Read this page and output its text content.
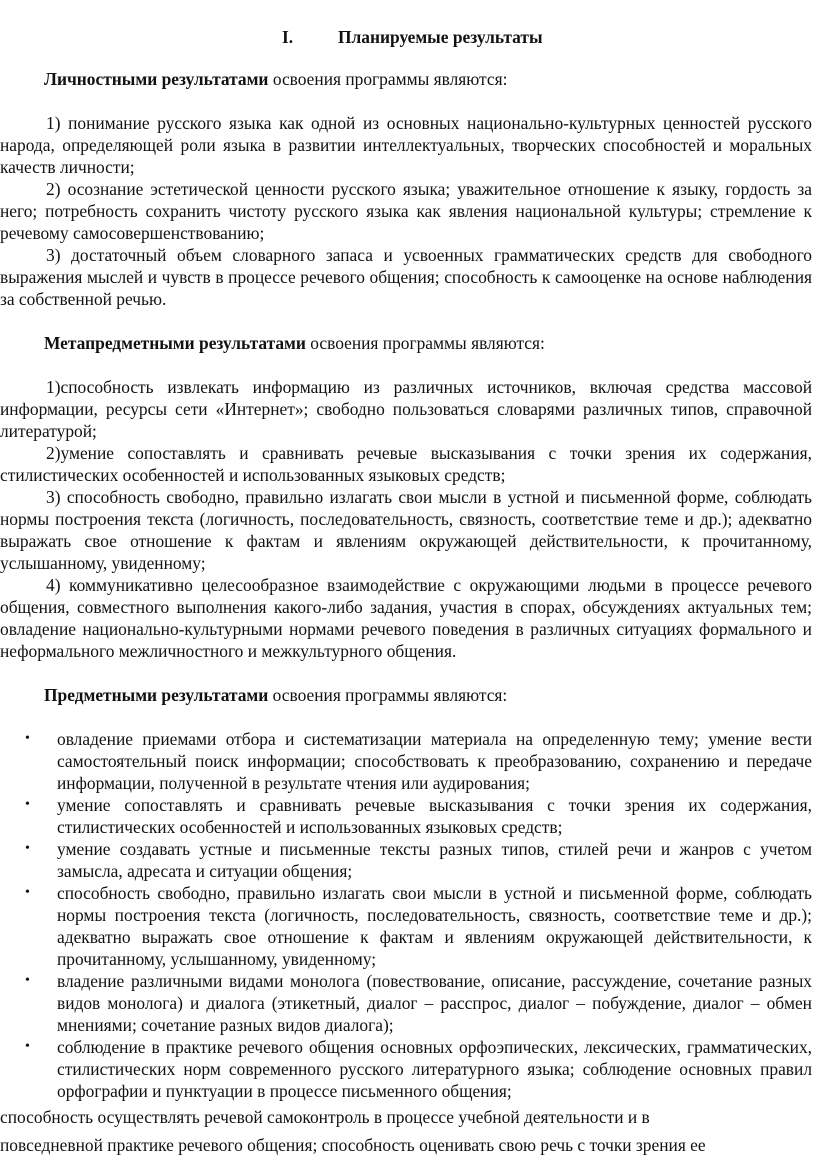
I.	Планируемые результаты
Личностными результатами освоения программы являются:
1) понимание русского языка как одной из основных национально-культурных ценностей русского народа, определяющей роли языка в развитии интеллектуальных, творческих способностей и моральных качеств личности;
2) осознание эстетической ценности русского языка; уважительное отношение к языку, гордость за него; потребность сохранить чистоту русского языка как явления национальной культуры; стремление к речевому самосовершенствованию;
3) достаточный объем словарного запаса и усвоенных грамматических средств для свободного выражения мыслей и чувств в процессе речевого общения; способность к самооценке на основе наблюдения за собственной речью.
Метапредметными результатами освоения программы являются:
1)способность извлекать информацию из различных источников, включая средства массовой информации, ресурсы сети «Интернет»; свободно пользоваться словарями различных типов, справочной литературой;
2)умение сопоставлять и сравнивать речевые высказывания с точки зрения их содержания, стилистических особенностей и использованных языковых средств;
3) способность свободно, правильно излагать свои мысли в устной и письменной форме, соблюдать нормы построения текста (логичность, последовательность, связность, соответствие теме и др.); адекватно выражать свое отношение к фактам и явлениям окружающей действительности, к прочитанному, услышанному, увиденному;
4) коммуникативно целесообразное взаимодействие с окружающими людьми в процессе речевого общения, совместного выполнения какого-либо задания, участия в спорах, обсуждениях актуальных тем; овладение национально-культурными нормами речевого поведения в различных ситуациях формального и неформального межличностного и межкультурного общения.
Предметными результатами освоения программы являются:
• овладение приемами отбора и систематизации материала на определенную тему; умение вести самостоятельный поиск информации; способствовать к преобразованию, сохранению и передаче информации, полученной в результате чтения или аудирования;
• умение сопоставлять и сравнивать речевые высказывания с точки зрения их содержания, стилистических особенностей и использованных языковых средств;
• умение создавать устные и письменные тексты разных типов, стилей речи и жанров с учетом замысла, адресата и ситуации общения;
• способность свободно, правильно излагать свои мысли в устной и письменной форме, соблюдать нормы построения текста (логичность, последовательность, связность, соответствие теме и др.); адекватно выражать свое отношение к фактам и явлениям окружающей действительности, к прочитанному, услышанному, увиденному;
• владение различными видами монолога (повествование, описание, рассуждение, сочетание разных видов монолога) и диалога (этикетный, диалог – расспрос, диалог – побуждение, диалог – обмен мнениями; сочетание разных видов диалога);
• соблюдение в практике речевого общения основных орфоэпических, лексических, грамматических, стилистических норм современного русского литературного языка; соблюдение основных правил орфографии и пунктуации в процессе письменного общения;
способность осуществлять речевой самоконтроль в процессе учебной деятельности и в
повседневной практике речевого общения; способность оценивать свою речь с точки зрения ее
